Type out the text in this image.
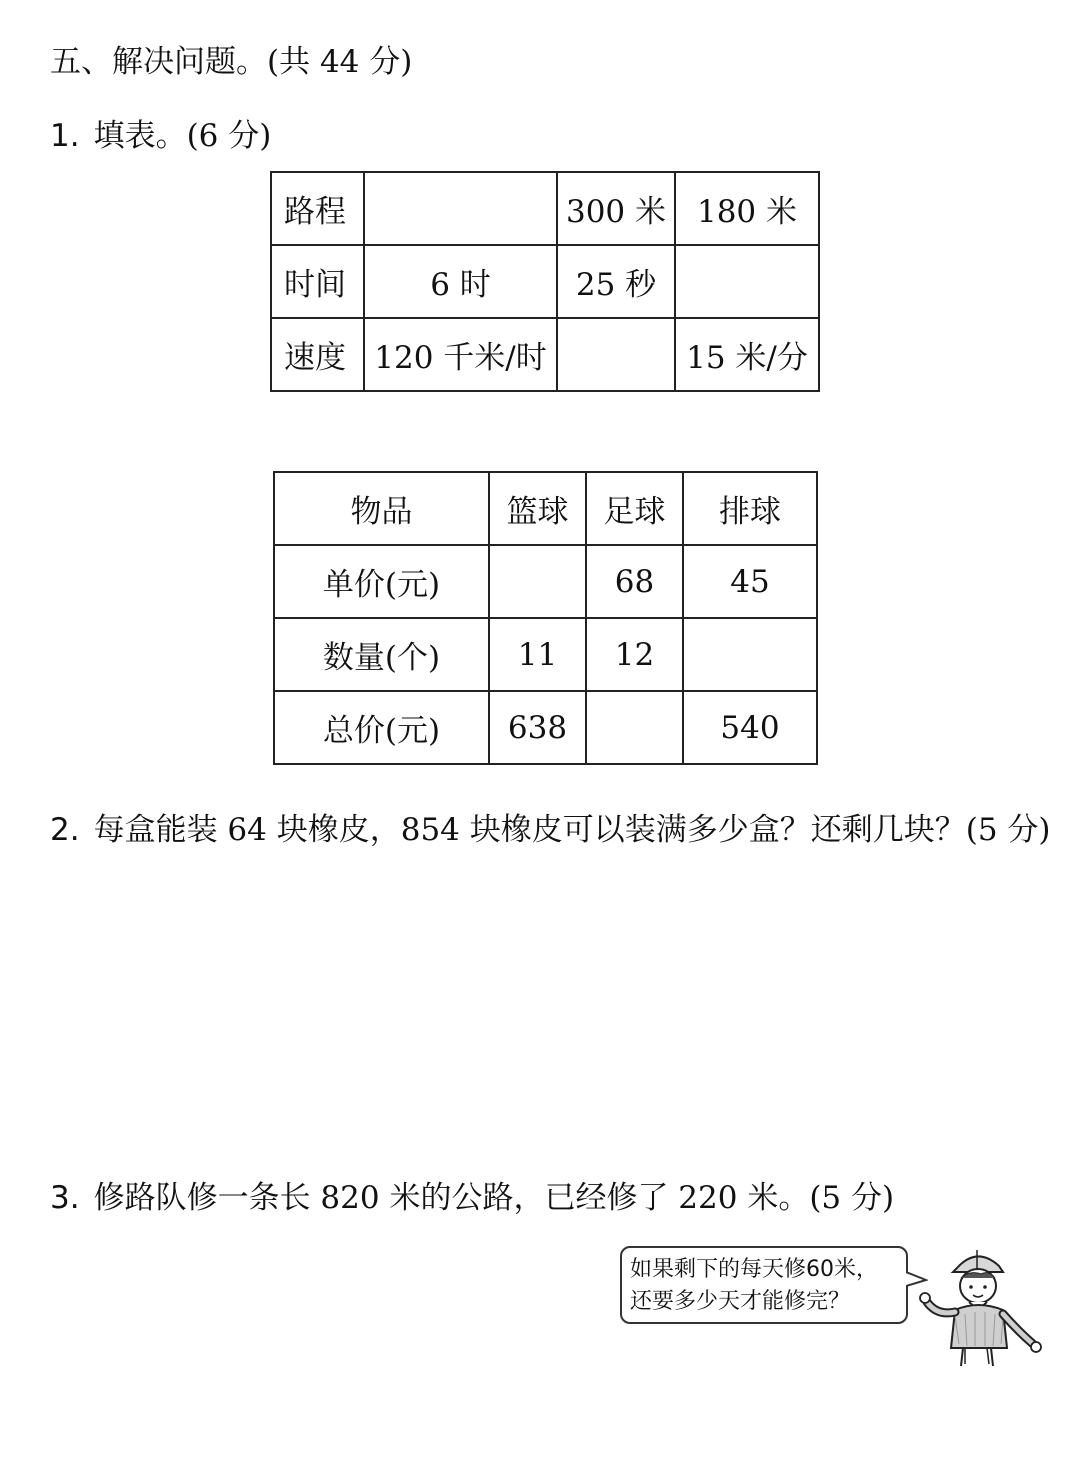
五、解决问题。(共 44 分)
1. 填表。(6 分)
路程		300 米	180 米
时间	6 时	25 秒	
速度	120 千米/时		15 米/分
物品	篮球	足球	排球
单价(元)		68	45
数量(个)	11	12	
总价(元)	638		540
2. 每盒能装 64 块橡皮，854 块橡皮可以装满多少盒？还剩几块？(5 分)
3. 修路队修一条长 820 米的公路，已经修了 220 米。(5 分)
如果剩下的每天修60米，
还要多少天才能修完？
